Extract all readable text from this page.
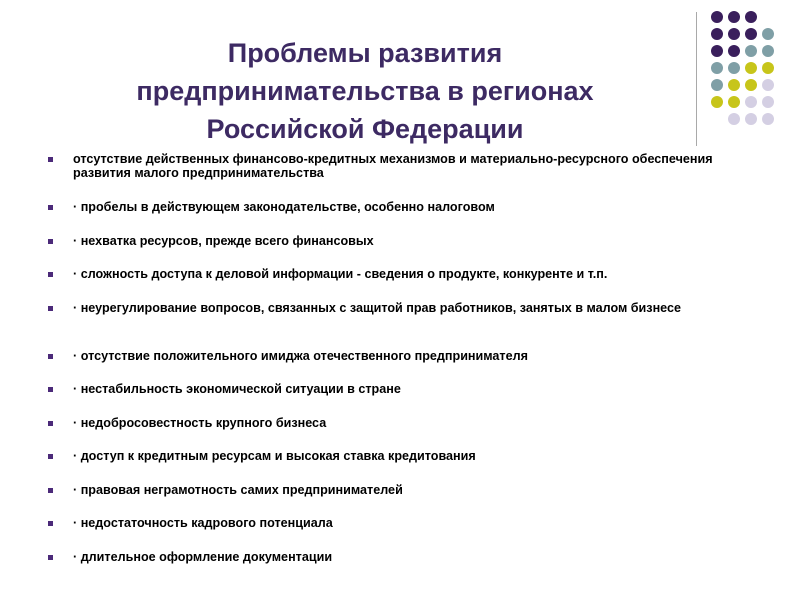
Проблемы развития
предпринимательства в регионах
Российской Федерации
отсутствие действенных финансово-кредитных механизмов и материально-ресурсного обеспечения развития малого предпринимательства
· пробелы в действующем законодательстве, особенно налоговом
· нехватка ресурсов, прежде всего финансовых
· сложность доступа к деловой информации - сведения о продукте, конкуренте и т.п.
· неурегулирование вопросов, связанных с защитой прав работников, занятых в малом бизнесе
· отсутствие положительного имиджа отечественного предпринимателя
· нестабильность экономической ситуации в стране
· недобросовестность крупного бизнеса
· доступ к кредитным ресурсам и высокая ставка кредитования
· правовая неграмотность самих предпринимателей
· недостаточность кадрового потенциала
· длительное оформление документации
